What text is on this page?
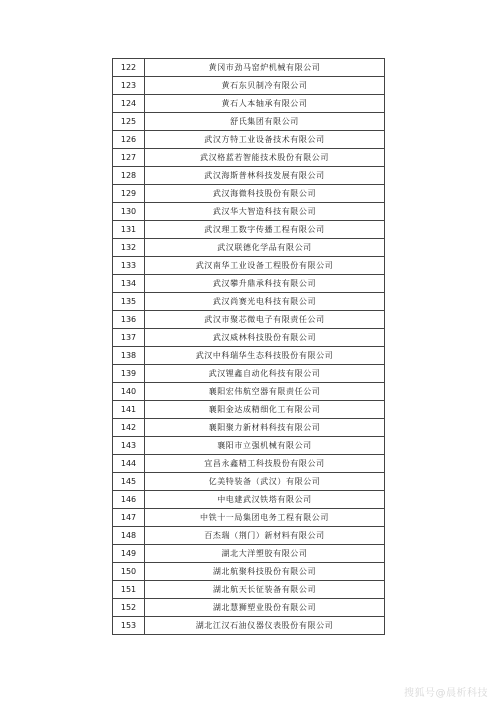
122	黄冈市劲马窑炉机械有限公司
123	黄石东贝制冷有限公司
124	黄石人本轴承有限公司
125	舒氏集团有限公司
126	武汉方特工业设备技术有限公司
127	武汉格蓝若智能技术股份有限公司
128	武汉海斯普林科技发展有限公司
129	武汉海微科技股份有限公司
130	武汉华大智造科技有限公司
131	武汉理工数字传播工程有限公司
132	武汉联德化学品有限公司
133	武汉南华工业设备工程股份有限公司
134	武汉攀升鼎承科技有限公司
135	武汉尚赛光电科技有限公司
136	武汉市聚芯微电子有限责任公司
137	武汉威林科技股份有限公司
138	武汉中科瑞华生态科技股份有限公司
139	武汉锂鑫自动化科技有限公司
140	襄阳宏伟航空器有限责任公司
141	襄阳金达成精细化工有限公司
142	襄阳聚力新材料科技有限公司
143	襄阳市立强机械有限公司
144	宜昌永鑫精工科技股份有限公司
145	亿美特装备（武汉）有限公司
146	中电建武汉铁塔有限公司
147	中铁十一局集团电务工程有限公司
148	百杰瑞（荆门）新材料有限公司
149	湖北大洋塑胶有限公司
150	湖北航聚科技股份有限公司
151	湖北航天长征装备有限公司
152	湖北慧狮塑业股份有限公司
153	湖北江汉石油仪器仪表股份有限公司
搜狐号@晨析科技
